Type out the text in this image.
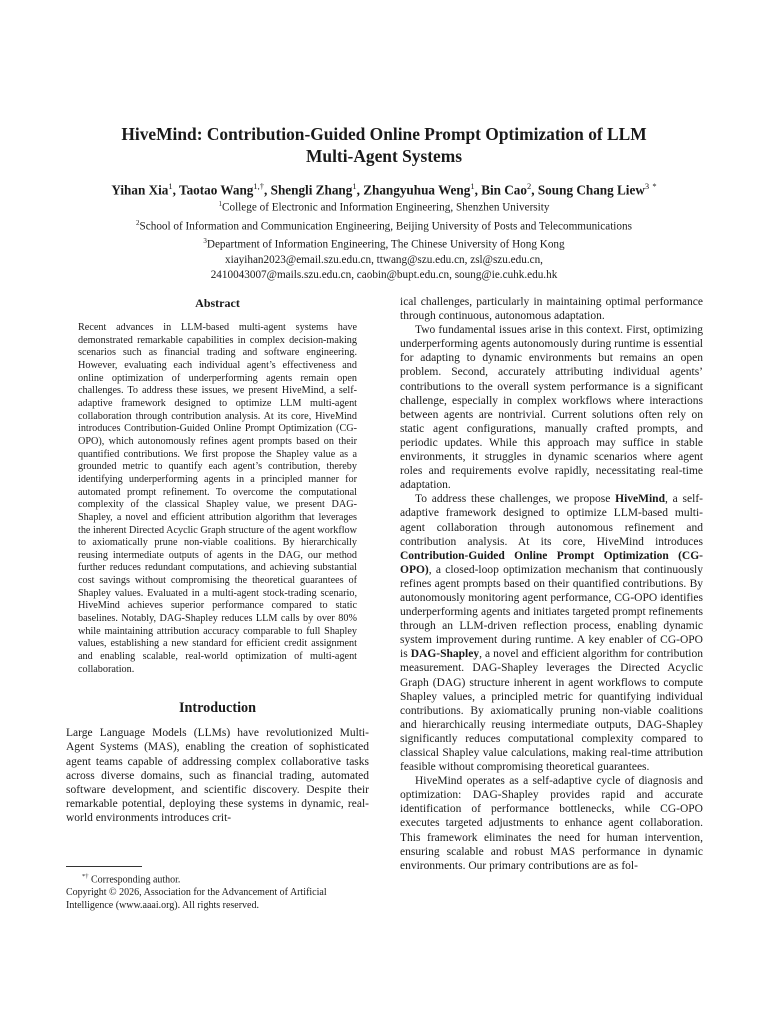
HiveMind: Contribution-Guided Online Prompt Optimization of LLM
Multi-Agent Systems
Yihan Xia$^1$, Taotao Wang$^{1,\dagger}$, Shengli Zhang$^1$, Zhangyuhua Weng$^1$, Bin Cao$^2$, Soung Chang Liew$^3$ *
$^1$College of Electronic and Information Engineering, Shenzhen University
$^2$School of Information and Communication Engineering, Beijing University of Posts and Telecommunications
$^3$Department of Information Engineering, The Chinese University of Hong Kong
xiayihan2023@email.szu.edu.cn, ttwang@szu.edu.cn, zsl@szu.edu.cn,
2410043007@mails.szu.edu.cn, caobin@bupt.edu.cn, soung@ie.cuhk.edu.hk
Abstract

Recent advances in LLM-based multi-agent systems have demonstrated remarkable capabilities in complex decision-making scenarios such as financial trading and software engineering. However, evaluating each individual agent’s effectiveness and online optimization of underperforming agents remain open challenges. To address these issues, we present HiveMind, a self-adaptive framework designed to optimize LLM multi-agent collaboration through contribution analysis. At its core, HiveMind introduces Contribution-Guided Online Prompt Optimization (CG-OPO), which autonomously refines agent prompts based on their quantified contributions. We first propose the Shapley value as a grounded metric to quantify each agent’s contribution, thereby identifying underperforming agents in a principled manner for automated prompt refinement. To overcome the computational complexity of the classical Shapley value, we present DAG-Shapley, a novel and efficient attribution algorithm that leverages the inherent Directed Acyclic Graph structure of the agent workflow to axiomatically prune non-viable coalitions. By hierarchically reusing intermediate outputs of agents in the DAG, our method further reduces redundant computations, and achieving substantial cost savings without compromising the theoretical guarantees of Shapley values. Evaluated in a multi-agent stock-trading scenario, HiveMind achieves superior performance compared to static baselines. Notably, DAG-Shapley reduces LLM calls by over 80% while maintaining attribution accuracy comparable to full Shapley values, establishing a new standard for efficient credit assignment and enabling scalable, real-world optimization of multi-agent collaboration.

Introduction

Large Language Models (LLMs) have revolutionized Multi-Agent Systems (MAS), enabling the creation of sophisticated agent teams capable of addressing complex collaborative tasks across diverse domains, such as financial trading, automated software development, and scientific discovery. Despite their remarkable potential, deploying these systems in dynamic, real-world environments introduces crit-

ical challenges, particularly in maintaining optimal performance through continuous, autonomous adaptation.

Two fundamental issues arise in this context. First, optimizing underperforming agents autonomously during runtime is essential for adapting to dynamic environments but remains an open problem. Second, accurately attributing individual agents’ contributions to the overall system performance is a significant challenge, especially in complex workflows where interactions between agents are nontrivial. Current solutions often rely on static agent configurations, manually crafted prompts, and periodic updates. While this approach may suffice in stable environments, it struggles in dynamic scenarios where agent roles and requirements evolve rapidly, necessitating real-time adaptation.

To address these challenges, we propose HiveMind, a self-adaptive framework designed to optimize LLM-based multi-agent collaboration through autonomous refinement and contribution analysis. At its core, HiveMind introduces Contribution-Guided Online Prompt Optimization (CG-OPO), a closed-loop optimization mechanism that continuously refines agent prompts based on their quantified contributions. By autonomously monitoring agent performance, CG-OPO identifies underperforming agents and initiates targeted prompt refinements through an LLM-driven reflection process, enabling dynamic system improvement during runtime. A key enabler of CG-OPO is DAG-Shapley, a novel and efficient algorithm for contribution measurement. DAG-Shapley leverages the Directed Acyclic Graph (DAG) structure inherent in agent workflows to compute Shapley values, a principled metric for quantifying individual contributions. By axiomatically pruning non-viable coalitions and hierarchically reusing intermediate outputs, DAG-Shapley significantly reduces computational complexity compared to classical Shapley value calculations, making real-time attribution feasible without compromising theoretical guarantees.

HiveMind operates as a self-adaptive cycle of diagnosis and optimization: DAG-Shapley provides rapid and accurate identification of performance bottlenecks, while CG-OPO executes targeted adjustments to enhance agent collaboration. This framework eliminates the need for human intervention, ensuring scalable and robust MAS performance in dynamic environments. Our primary contributions are as fol-

*† Corresponding author.
Copyright © 2026, Association for the Advancement of Artificial Intelligence (www.aaai.org). All rights reserved.
